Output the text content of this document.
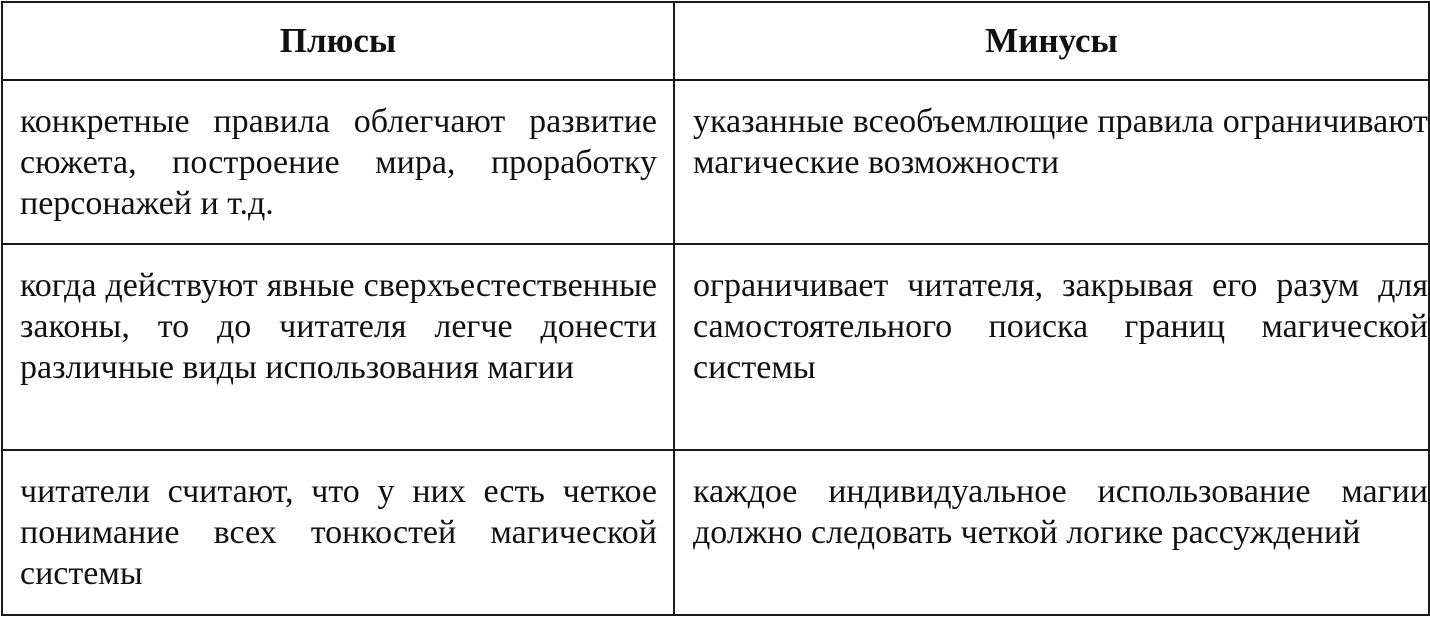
Плюсы	Минусы

конкретные правила облегчают развитие сюжета, построение мира, проработку персонажей и т.д.	указанные всеобъемлющие правила ограничивают магические возможности

когда действуют явные сверхъестественные законы, то до читателя легче донести различные виды использования магии	ограничивает читателя, закрывая его разум для самостоятельного поиска границ магической системы

читатели считают, что у них есть четкое понимание всех тонкостей магической системы	каждое индивидуальное использование магии должно следовать четкой логике рассуждений
